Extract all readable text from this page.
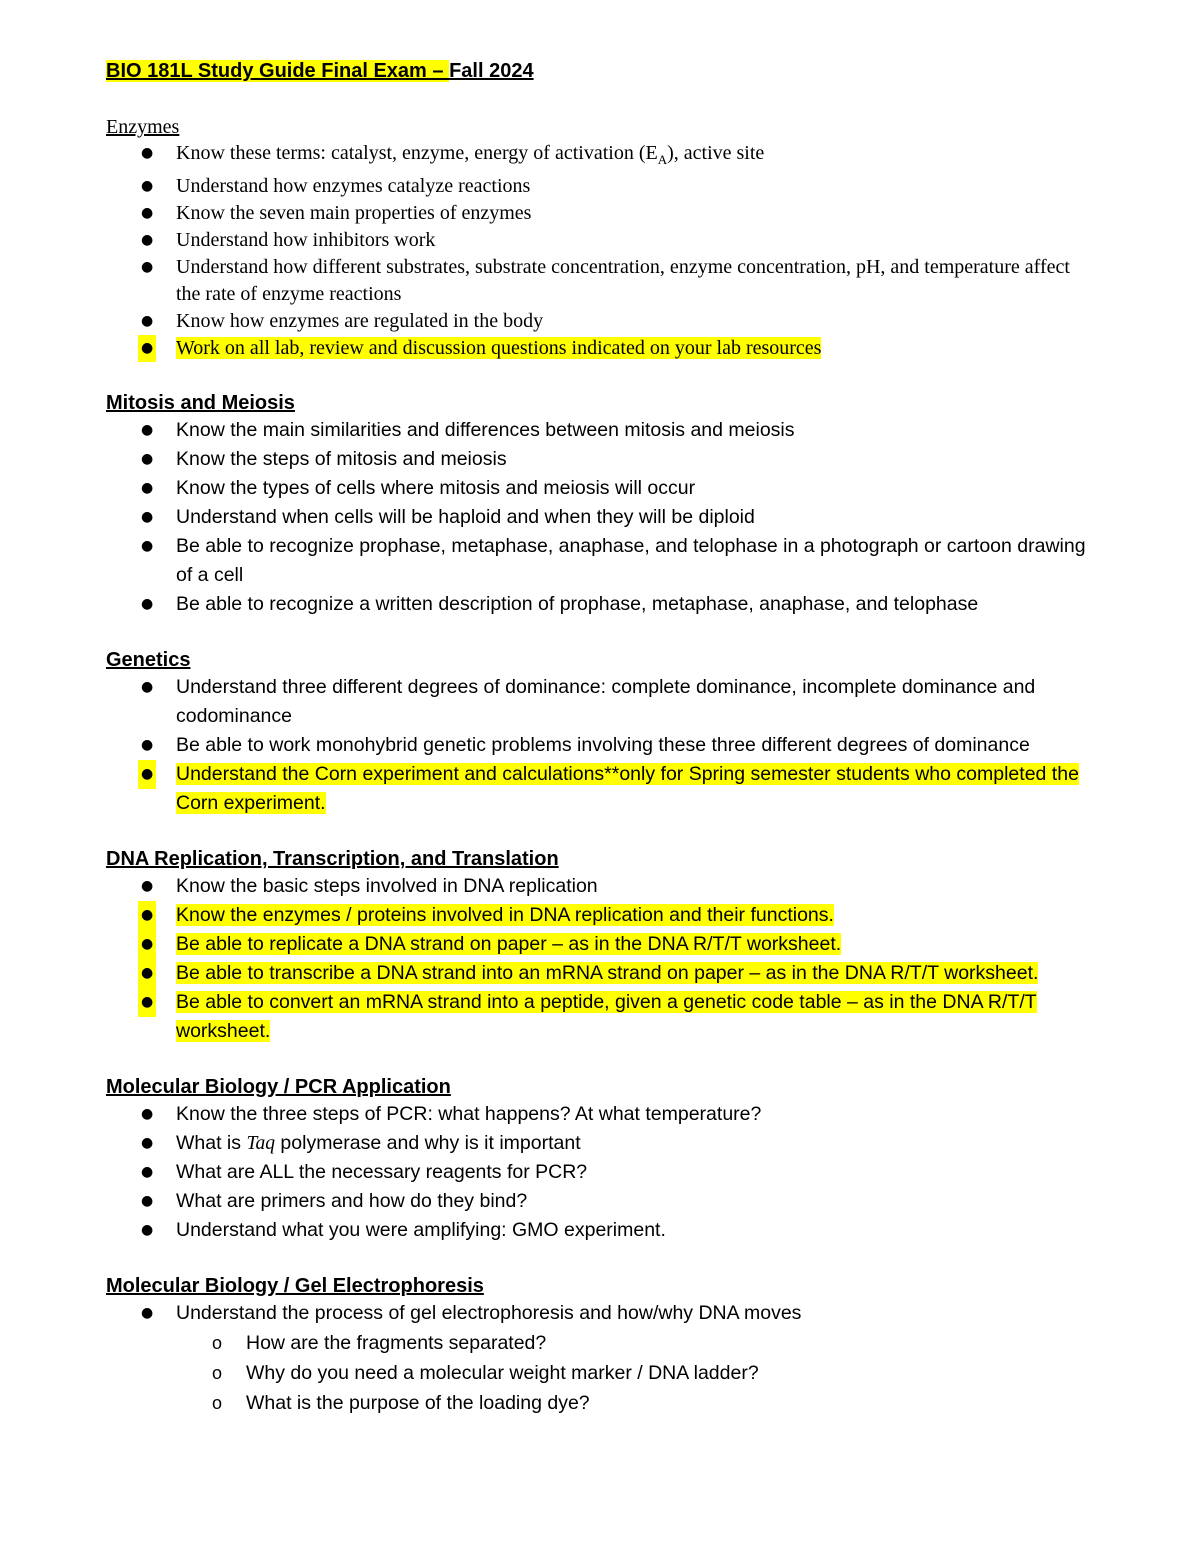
BIO 181L Study Guide Final Exam – Fall 2024

Enzymes

● Know these terms: catalyst, enzyme, energy of activation $(E_A)$, active site
● Understand how enzymes catalyze reactions
● Know the seven main properties of enzymes
● Understand how inhibitors work
● Understand how different substrates, substrate concentration, enzyme concentration, pH, and temperature affect the rate of enzyme reactions
● Know how enzymes are regulated in the body
● Work on all lab, review and discussion questions indicated on your lab resources

Mitosis and Meiosis

● Know the main similarities and differences between mitosis and meiosis
● Know the steps of mitosis and meiosis
● Know the types of cells where mitosis and meiosis will occur
● Understand when cells will be haploid and when they will be diploid
● Be able to recognize prophase, metaphase, anaphase, and telophase in a photograph or cartoon drawing of a cell
● Be able to recognize a written description of prophase, metaphase, anaphase, and telophase

Genetics

● Understand three different degrees of dominance: complete dominance, incomplete dominance and codominance
● Be able to work monohybrid genetic problems involving these three different degrees of dominance
● Understand the Corn experiment and calculations**only for Spring semester students who completed the Corn experiment.

DNA Replication, Transcription, and Translation

● Know the basic steps involved in DNA replication
● Know the enzymes / proteins involved in DNA replication and their functions.
● Be able to replicate a DNA strand on paper – as in the DNA R/T/T worksheet.
● Be able to transcribe a DNA strand into an mRNA strand on paper – as in the DNA R/T/T worksheet.
● Be able to convert an mRNA strand into a peptide, given a genetic code table – as in the DNA R/T/T worksheet.

Molecular Biology / PCR Application

● Know the three steps of PCR: what happens? At what temperature?
● What is Taq polymerase and why is it important
● What are ALL the necessary reagents for PCR?
● What are primers and how do they bind?
● Understand what you were amplifying: GMO experiment.

Molecular Biology / Gel Electrophoresis

● Understand the process of gel electrophoresis and how/why DNA moves
o How are the fragments separated?
o Why do you need a molecular weight marker / DNA ladder?
o What is the purpose of the loading dye?
